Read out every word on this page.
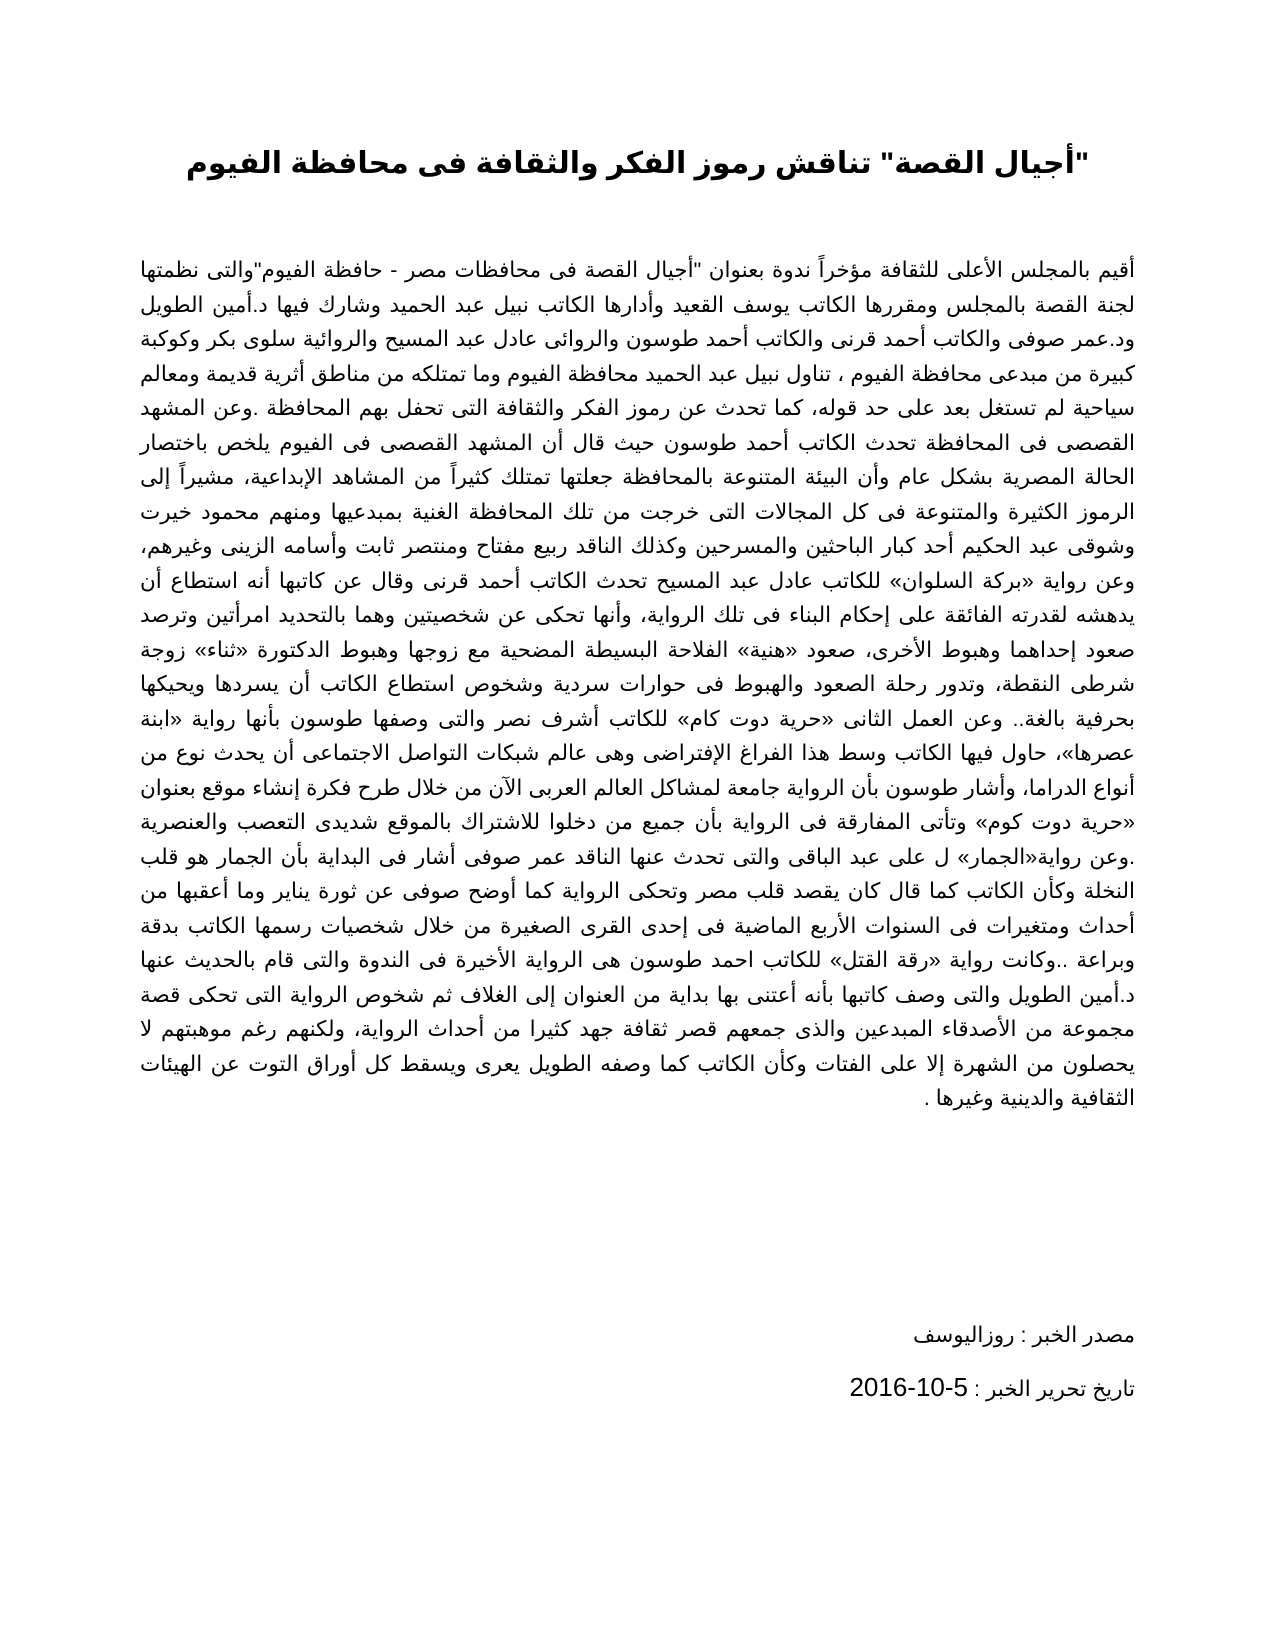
"أجيال القصة" تناقش رموز الفكر والثقافة فى محافظة الفيوم

أقيم بالمجلس الأعلى للثقافة مؤخراً ندوة بعنوان "أجيال القصة فى محافظات مصر - حافظة الفيوم"والتى نظمتها لجنة القصة بالمجلس ومقررها الكاتب يوسف القعيد وأدارها الكاتب نبيل عبد الحميد وشارك فيها د.أمين الطويل ود.عمر صوفى والكاتب أحمد قرنى والكاتب أحمد طوسون والروائى عادل عبد المسيح والروائية سلوى بكر وكوكبة كبيرة من مبدعى محافظة الفيوم ، تناول نبيل عبد الحميد محافظة الفيوم وما تمتلكه من مناطق أثرية قديمة ومعالم سياحية لم تستغل بعد على حد قوله، كما تحدث عن رموز الفكر والثقافة التى تحفل بهم المحافظة .وعن المشهد القصصى فى المحافظة تحدث الكاتب أحمد طوسون حيث قال أن المشهد القصصى فى الفيوم يلخص باختصار الحالة المصرية بشكل عام وأن البيئة المتنوعة بالمحافظة جعلتها تمتلك كثيراً من المشاهد الإبداعية، مشيراً إلى الرموز الكثيرة والمتنوعة فى كل المجالات التى خرجت من تلك المحافظة الغنية بمبدعيها ومنهم محمود خيرت وشوقى عبد الحكيم أحد كبار الباحثين والمسرحين وكذلك الناقد ربيع مفتاح ومنتصر ثابت وأسامه الزينى وغيرهم، وعن رواية «بركة السلوان» للكاتب عادل عبد المسيح تحدث الكاتب أحمد قرنى وقال عن كاتبها أنه استطاع أن يدهشه لقدرته الفائقة على إحكام البناء فى تلك الرواية، وأنها تحكى عن شخصيتين وهما بالتحديد امرأتين وترصد صعود إحداهما وهبوط الأخرى، صعود «هنية» الفلاحة البسيطة المضحية مع زوجها وهبوط الدكتورة «ثناء» زوجة شرطى النقطة، وتدور رحلة الصعود والهبوط فى حوارات سردية وشخوص استطاع الكاتب أن يسردها ويحيكها بحرفية بالغة.. وعن العمل الثانى «حرية دوت كام» للكاتب أشرف نصر والتى وصفها طوسون بأنها رواية «ابنة عصرها»، حاول فيها الكاتب وسط هذا الفراغ الإفتراضى وهى عالم شبكات التواصل الاجتماعى أن يحدث نوع من أنواع الدراما، وأشار طوسون بأن الرواية جامعة لمشاكل العالم العربى الآن من خلال طرح فكرة إنشاء موقع بعنوان «حرية دوت كوم» وتأتى المفارقة فى الرواية بأن جميع من دخلوا للاشتراك بالموقع شديدى التعصب والعنصرية .وعن رواية«الجمار» ل على عبد الباقى والتى تحدث عنها الناقد عمر صوفى أشار فى البداية بأن الجمار هو قلب النخلة وكأن الكاتب كما قال كان يقصد قلب مصر وتحكى الرواية كما أوضح صوفى عن ثورة يناير وما أعقبها من أحداث ومتغيرات فى السنوات الأربع الماضية فى إحدى القرى الصغيرة من خلال شخصيات رسمها الكاتب بدقة وبراعة ..وكانت رواية «رقة القتل» للكاتب احمد طوسون هى الرواية الأخيرة فى الندوة والتى قام بالحديث عنها د.أمين الطويل والتى وصف كاتبها بأنه أعتنى بها بداية من العنوان إلى الغلاف ثم شخوص الرواية التى تحكى قصة مجموعة من الأصدقاء المبدعين والذى جمعهم قصر ثقافة جهد كثيرا من أحداث الرواية، ولكنهم رغم موهبتهم لا يحصلون من الشهرة إلا على الفتات وكأن الكاتب كما وصفه الطويل يعرى ويسقط كل أوراق التوت عن الهيئات الثقافية والدينية وغيرها .

مصدر الخبر : روزاليوسف

تاريخ تحرير الخبر : 2016-10-5
